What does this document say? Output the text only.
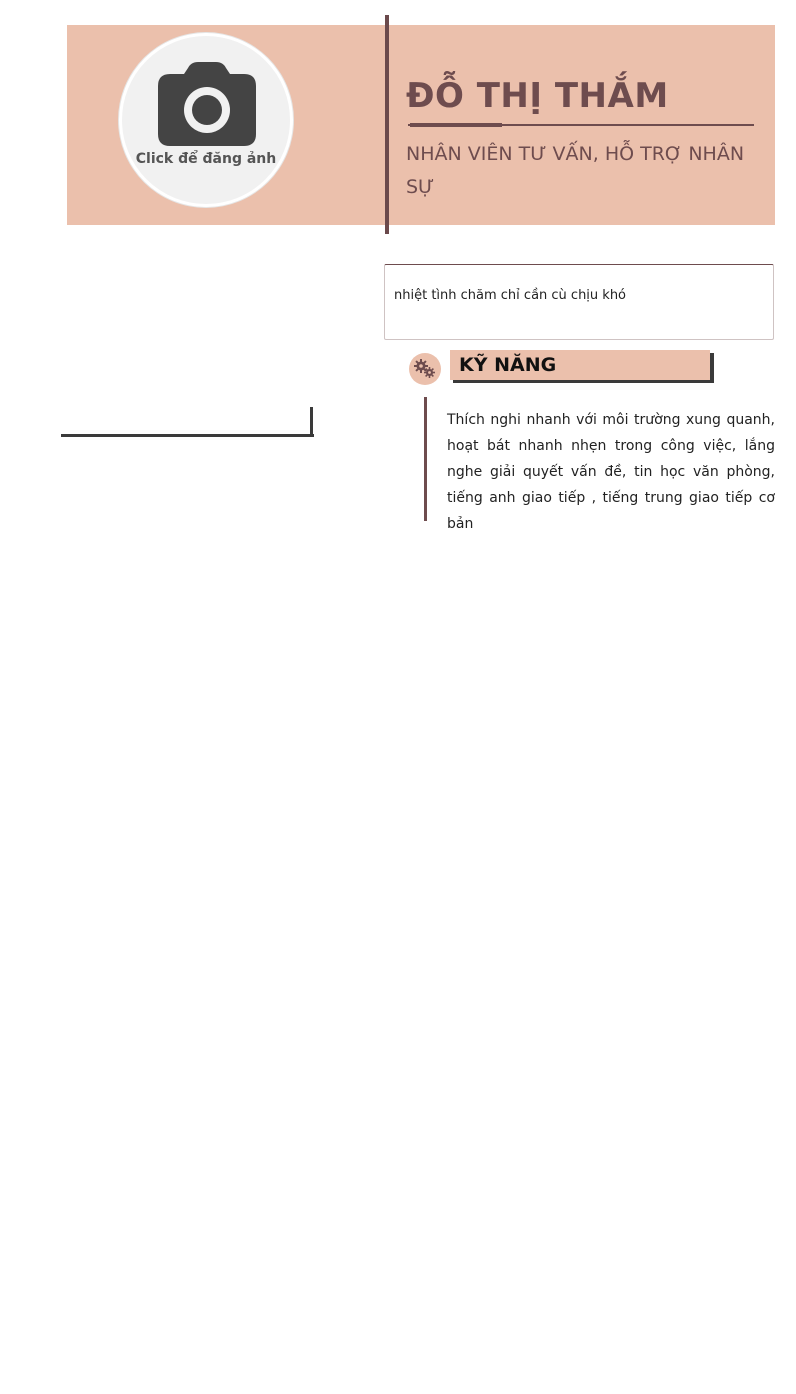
Click để đăng ảnh
ĐỖ THỊ THẮM
NHÂN VIÊN TƯ VẤN, HỖ TRỢ NHÂN SỰ
nhiệt tình chăm chỉ cần cù chịu khó
KỸ NĂNG
Thích nghi nhanh với môi trường xung quanh, hoạt bát nhanh nhẹn trong công việc, lắng nghe giải quyết vấn đề, tin học văn phòng, tiếng anh giao tiếp , tiếng trung giao tiếp cơ bản
